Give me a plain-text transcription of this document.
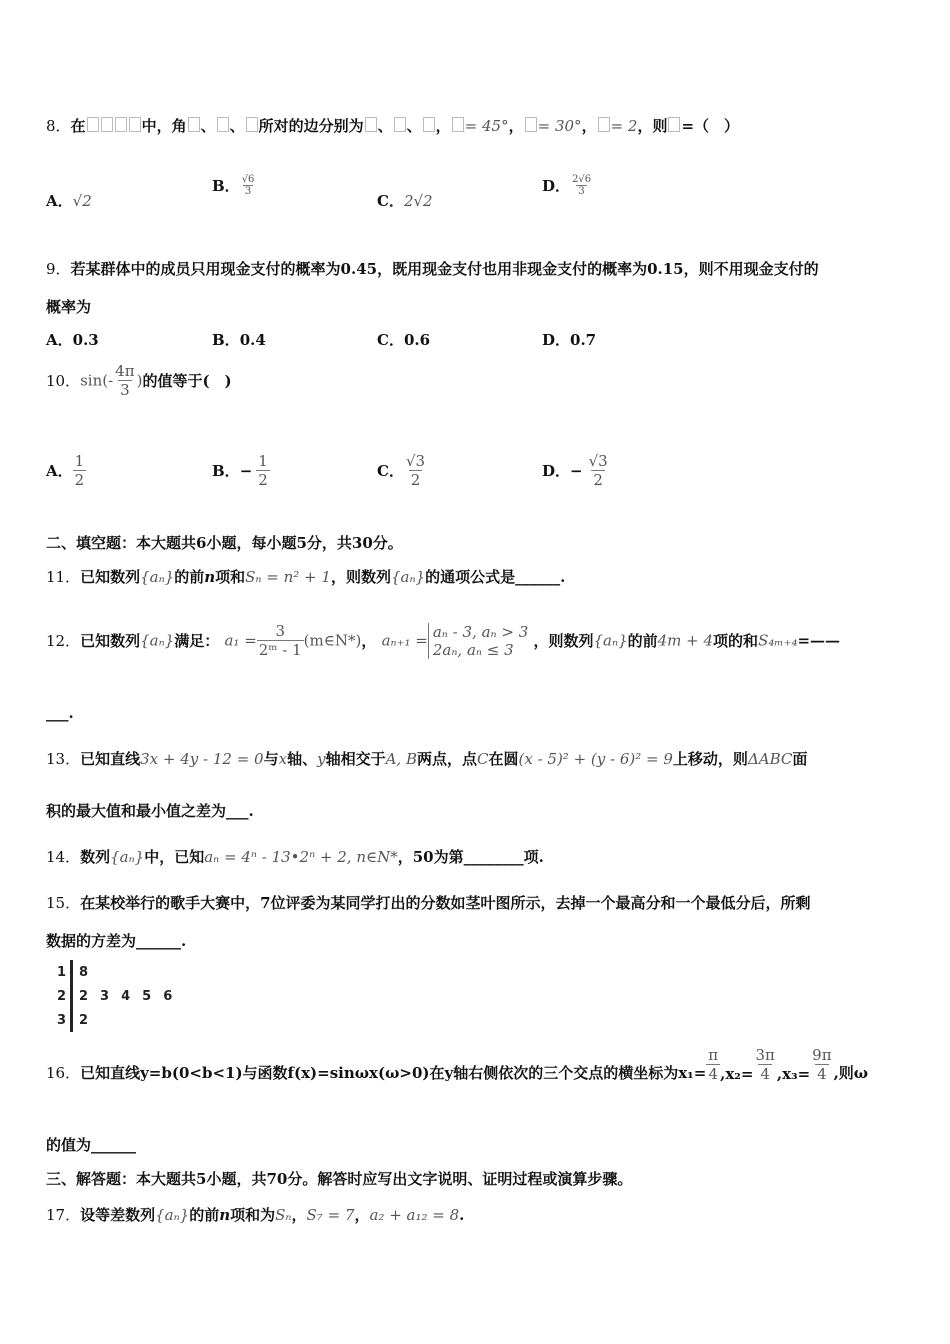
8．在	中，角 、 、 所对的边分别为 、 、 ， = 45°， = 30°， = 2，则 =（　）
A．√2
B． $\frac{√6}{3}$
C．2√2
D． $\frac{2√6}{3}$
9．若某群体中的成员只用现金支付的概率为0.45，既用现金支付也用非现金支付的概率为0.15，则不用现金支付的
概率为
A．0.3	B．0.4	C．0.6	D．0.7
10．$\sin(- \frac{4\pi}{3}$ )的值等于(　)
A． $\frac{1}{2}$	B．− $\frac{1}{2}$	C． $\frac{√3}{2}$	D．− $\frac{√3}{2}$
二、填空题：本大题共6小题，每小题5分，共30分。
11．已知数列{aₙ}的前n项和Sₙ = n² + 1，则数列{aₙ}的通项公式是______.
12．已知数列{aₙ}满足： $a_1 = \frac{3}{\text{2ᵐ - 1}}$ (m∈N*)， aₙ₊₁ = aₙ - 3, aₙ > 3
2aₙ, aₙ ≤ 3	，则数列{aₙ}的前4m + 4项的和S₄ₘ₊₄=——
___.
13．已知直线3x + 4y - 12 = 0与x轴、y轴相交于A, B两点，点C在圆(x - 5)² + (y - 6)² = 9上移动，则ΔABC面
积的最大值和最小值之差为___.
14．数列{aₙ}中，已知aₙ = 4ⁿ - 13•2ⁿ + 2, n∈N*，50为第________项.
15．在某校举行的歌手大赛中，7位评委为某同学打出的分数如茎叶图所示，去掉一个最高分和一个最低分后，所剩
数据的方差为______.
1 8
2 2 3 4 5 6
3 2
16．已知直线y=b(0<b<1)与函数f(x)=sinωx(ω>0)在y轴右侧依次的三个交点的横坐标为$x_1= \frac{\pi}{4} ,x_2= \frac{3\pi}{4} ,x_3= \frac{9\pi}{4}$ ,则ω
的值为______
三、解答题：本大题共5小题，共70分。解答时应写出文字说明、证明过程或演算步骤。
17．设等差数列{aₙ}的前n项和为Sₙ，S₇ = 7，a₂ + a₁₂ = 8.
